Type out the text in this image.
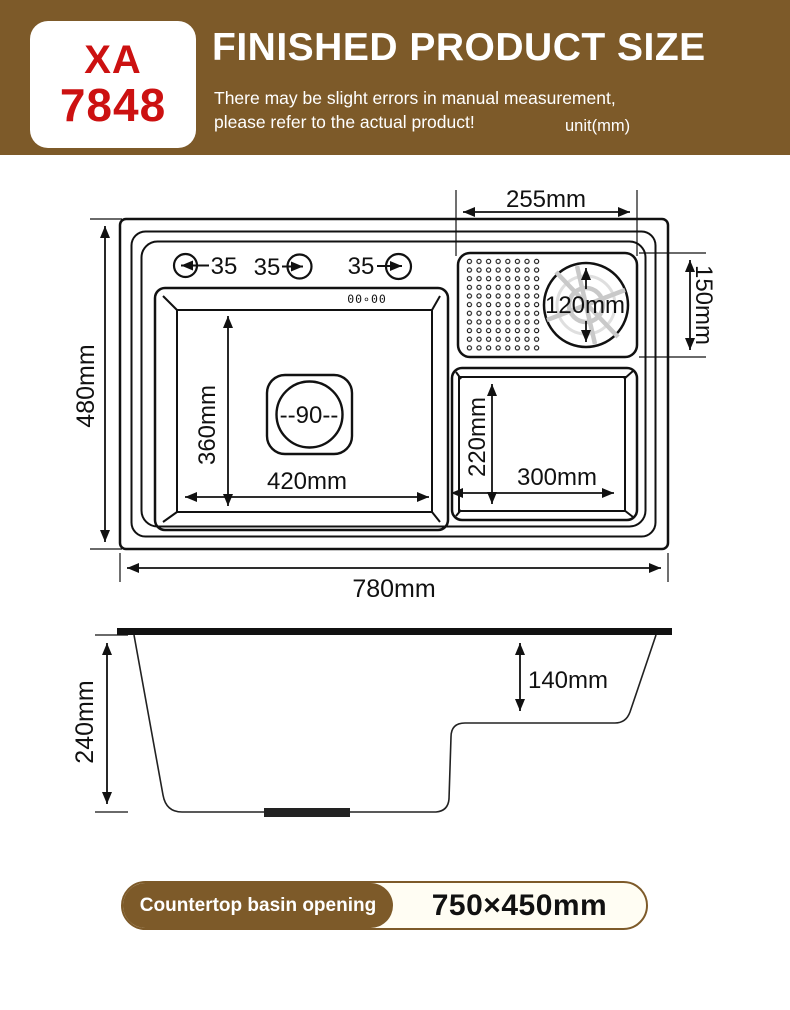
XA
7848
FINISHED PRODUCT SIZE
There may be slight errors in manual measurement,
please refer to the actual product!	unit(mm)
35 35	35
00∘00
--90--
360mm
420mm
120mm
255mm
150mm
220mm
300mm
480mm
780mm
240mm	140mm
Countertop basin opening	750×450mm
